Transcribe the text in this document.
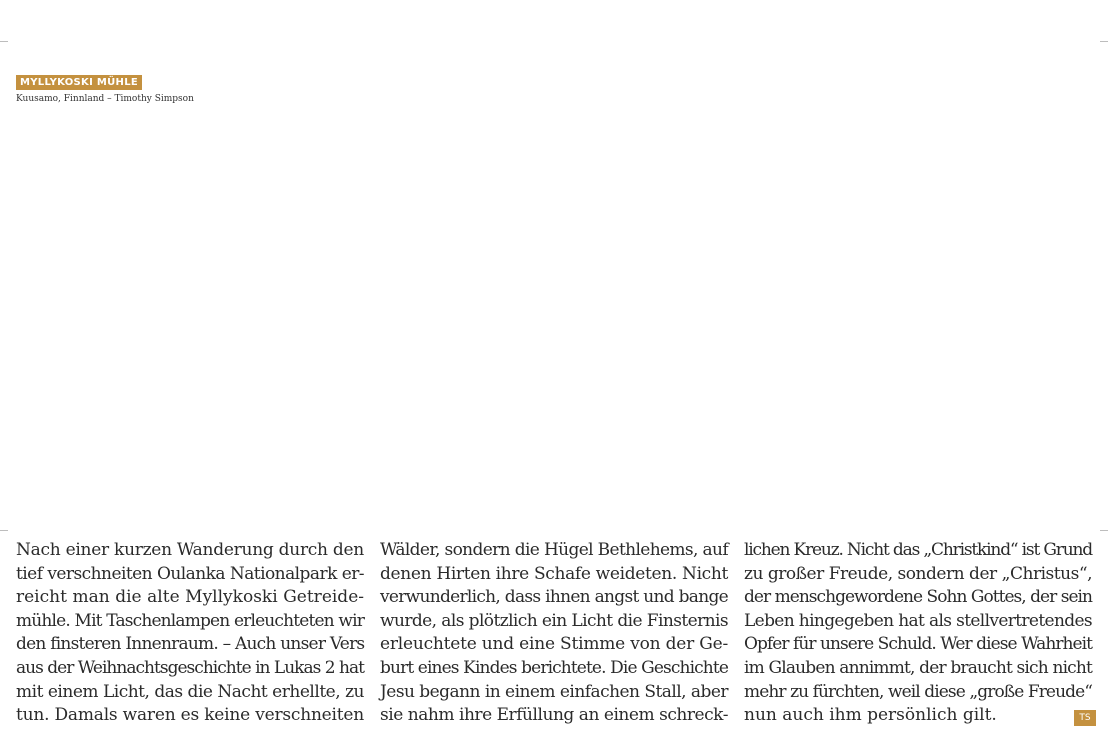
MYLLYKOSKI MÜHLE
Kuusamo, Finnland – Timothy Simpson
Nach einer kurzen Wanderung durch den
tief verschneiten Oulanka Nationalpark er-
reicht man die alte Myllykoski Getreide-
mühle. Mit Taschenlampen erleuchteten wir
den finsteren Innenraum. – Auch unser Vers
aus der Weihnachtsgeschichte in Lukas 2 hat
mit einem Licht, das die Nacht erhellte, zu
tun. Damals waren es keine verschneiten
Wälder, sondern die Hügel Bethlehems, auf
denen Hirten ihre Schafe weideten. Nicht
verwunderlich, dass ihnen angst und bange
wurde, als plötzlich ein Licht die Finsternis
erleuchtete und eine Stimme von der Ge-
burt eines Kindes berichtete. Die Geschichte
Jesu begann in einem einfachen Stall, aber
sie nahm ihre Erfüllung an einem schreck-
lichen Kreuz. Nicht das „Christkind“ ist Grund
zu großer Freude, sondern der „Christus“,
der menschgewordene Sohn Gottes, der sein
Leben hingegeben hat als stellvertretendes
Opfer für unsere Schuld. Wer diese Wahrheit
im Glauben annimmt, der braucht sich nicht
mehr zu fürchten, weil diese „große Freude“
nun auch ihm persönlich gilt.	TS
